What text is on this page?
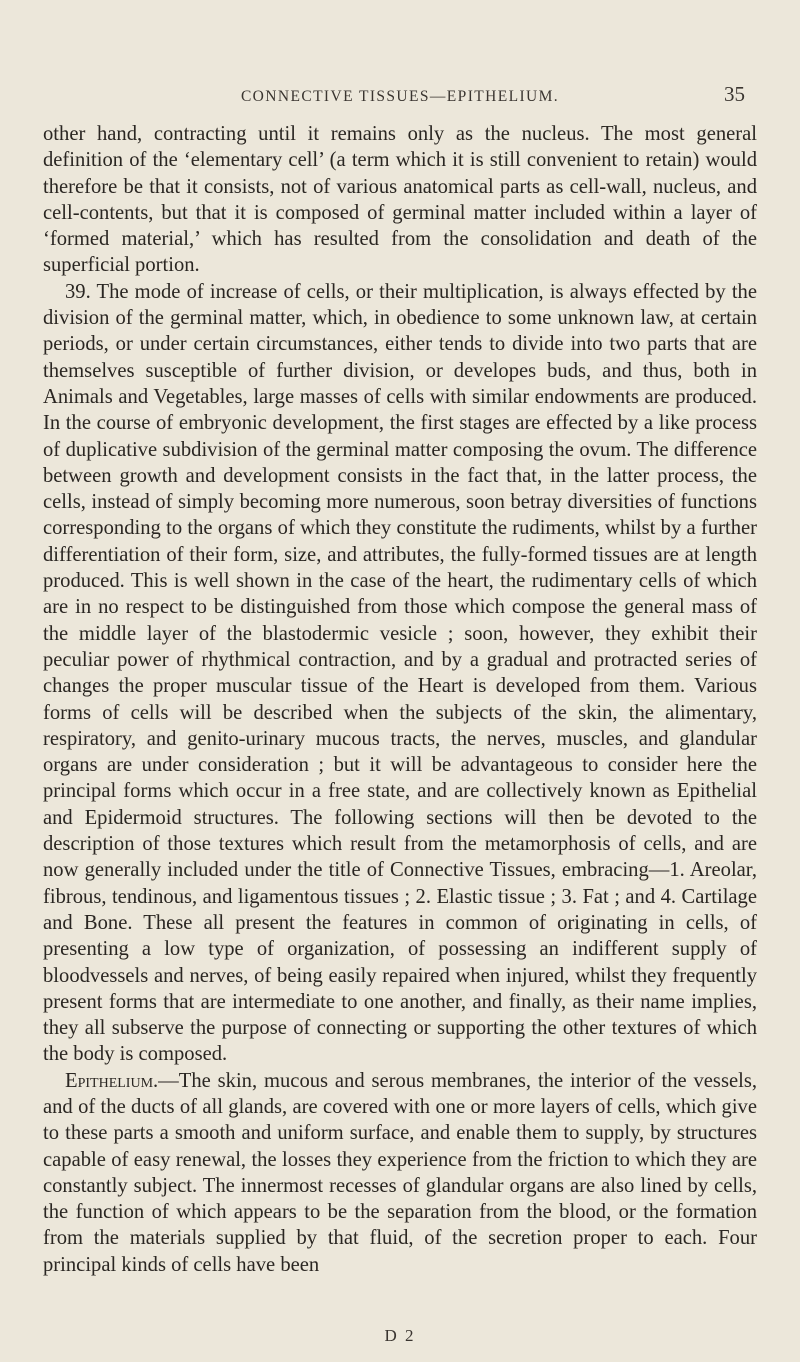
CONNECTIVE TISSUES—EPITHELIUM.	35

other hand, contracting until it remains only as the nucleus. The most general definition of the ‘elementary cell’ (a term which it is still convenient to retain) would therefore be that it consists, not of various anatomical parts as cell-wall, nucleus, and cell-contents, but that it is composed of germinal matter included within a layer of ‘formed material,’ which has resulted from the consolidation and death of the superficial portion.

39. The mode of increase of cells, or their multiplication, is always effected by the division of the germinal matter, which, in obedience to some unknown law, at certain periods, or under certain circumstances, either tends to divide into two parts that are themselves susceptible of further division, or developes buds, and thus, both in Animals and Vegetables, large masses of cells with similar endowments are produced. In the course of embryonic development, the first stages are effected by a like process of duplicative subdivision of the germinal matter composing the ovum. The difference between growth and development consists in the fact that, in the latter process, the cells, instead of simply becoming more numerous, soon betray diversities of functions corresponding to the organs of which they constitute the rudiments, whilst by a further differentiation of their form, size, and attributes, the fully-formed tissues are at length produced. This is well shown in the case of the heart, the rudimentary cells of which are in no respect to be distinguished from those which compose the general mass of the middle layer of the blastodermic vesicle ; soon, however, they exhibit their peculiar power of rhythmical contraction, and by a gradual and protracted series of changes the proper muscular tissue of the Heart is developed from them. Various forms of cells will be described when the subjects of the skin, the alimentary, respiratory, and genito-urinary mucous tracts, the nerves, muscles, and glandular organs are under consideration ; but it will be advantageous to consider here the principal forms which occur in a free state, and are collectively known as Epithelial and Epidermoid structures. The following sections will then be devoted to the description of those textures which result from the metamorphosis of cells, and are now generally included under the title of Connective Tissues, embracing—1. Areolar, fibrous, tendinous, and ligamentous tissues ; 2. Elastic tissue ; 3. Fat ; and 4. Cartilage and Bone. These all present the features in common of originating in cells, of presenting a low type of organization, of possessing an indifferent supply of bloodvessels and nerves, of being easily repaired when injured, whilst they frequently present forms that are intermediate to one another, and finally, as their name implies, they all subserve the purpose of connecting or supporting the other textures of which the body is composed.

Epithelium.—The skin, mucous and serous membranes, the interior of the vessels, and of the ducts of all glands, are covered with one or more layers of cells, which give to these parts a smooth and uniform surface, and enable them to supply, by structures capable of easy renewal, the losses they experience from the friction to which they are constantly subject. The innermost recesses of glandular organs are also lined by cells, the function of which appears to be the separation from the blood, or the formation from the materials supplied by that fluid, of the secretion proper to each. Four principal kinds of cells have been

D 2
